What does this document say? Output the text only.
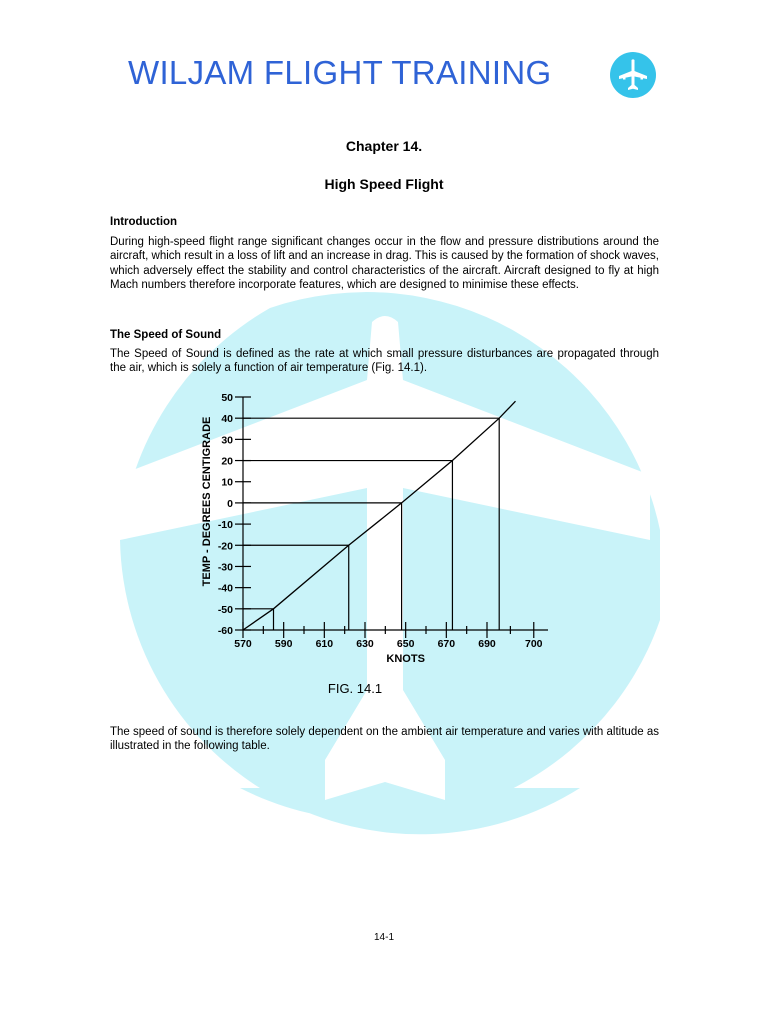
WILJAM FLIGHT TRAINING
Chapter 14.
High Speed Flight
Introduction

During high-speed flight range significant changes occur in the flow and pressure distributions around the aircraft, which result in a loss of lift and an increase in drag. This is caused by the formation of shock waves, which adversely effect the stability and control characteristics of the aircraft. Aircraft designed to fly at high Mach numbers therefore incorporate features, which are designed to minimise these effects.

The Speed of Sound

The Speed of Sound is defined as the rate at which small pressure disturbances are propagated through the air, which is solely a function of air temperature (Fig. 14.1).

50
40
30
20
10
0
-10
-20
-30
-40
-50
-60
570 590 610 630 650 670 690	700
KNOTS
TEMP - DEGREES CENTIGRADE
FIG. 14.1

The speed of sound is therefore solely dependent on the ambient air temperature and varies with altitude as illustrated in the following table.

14-1
